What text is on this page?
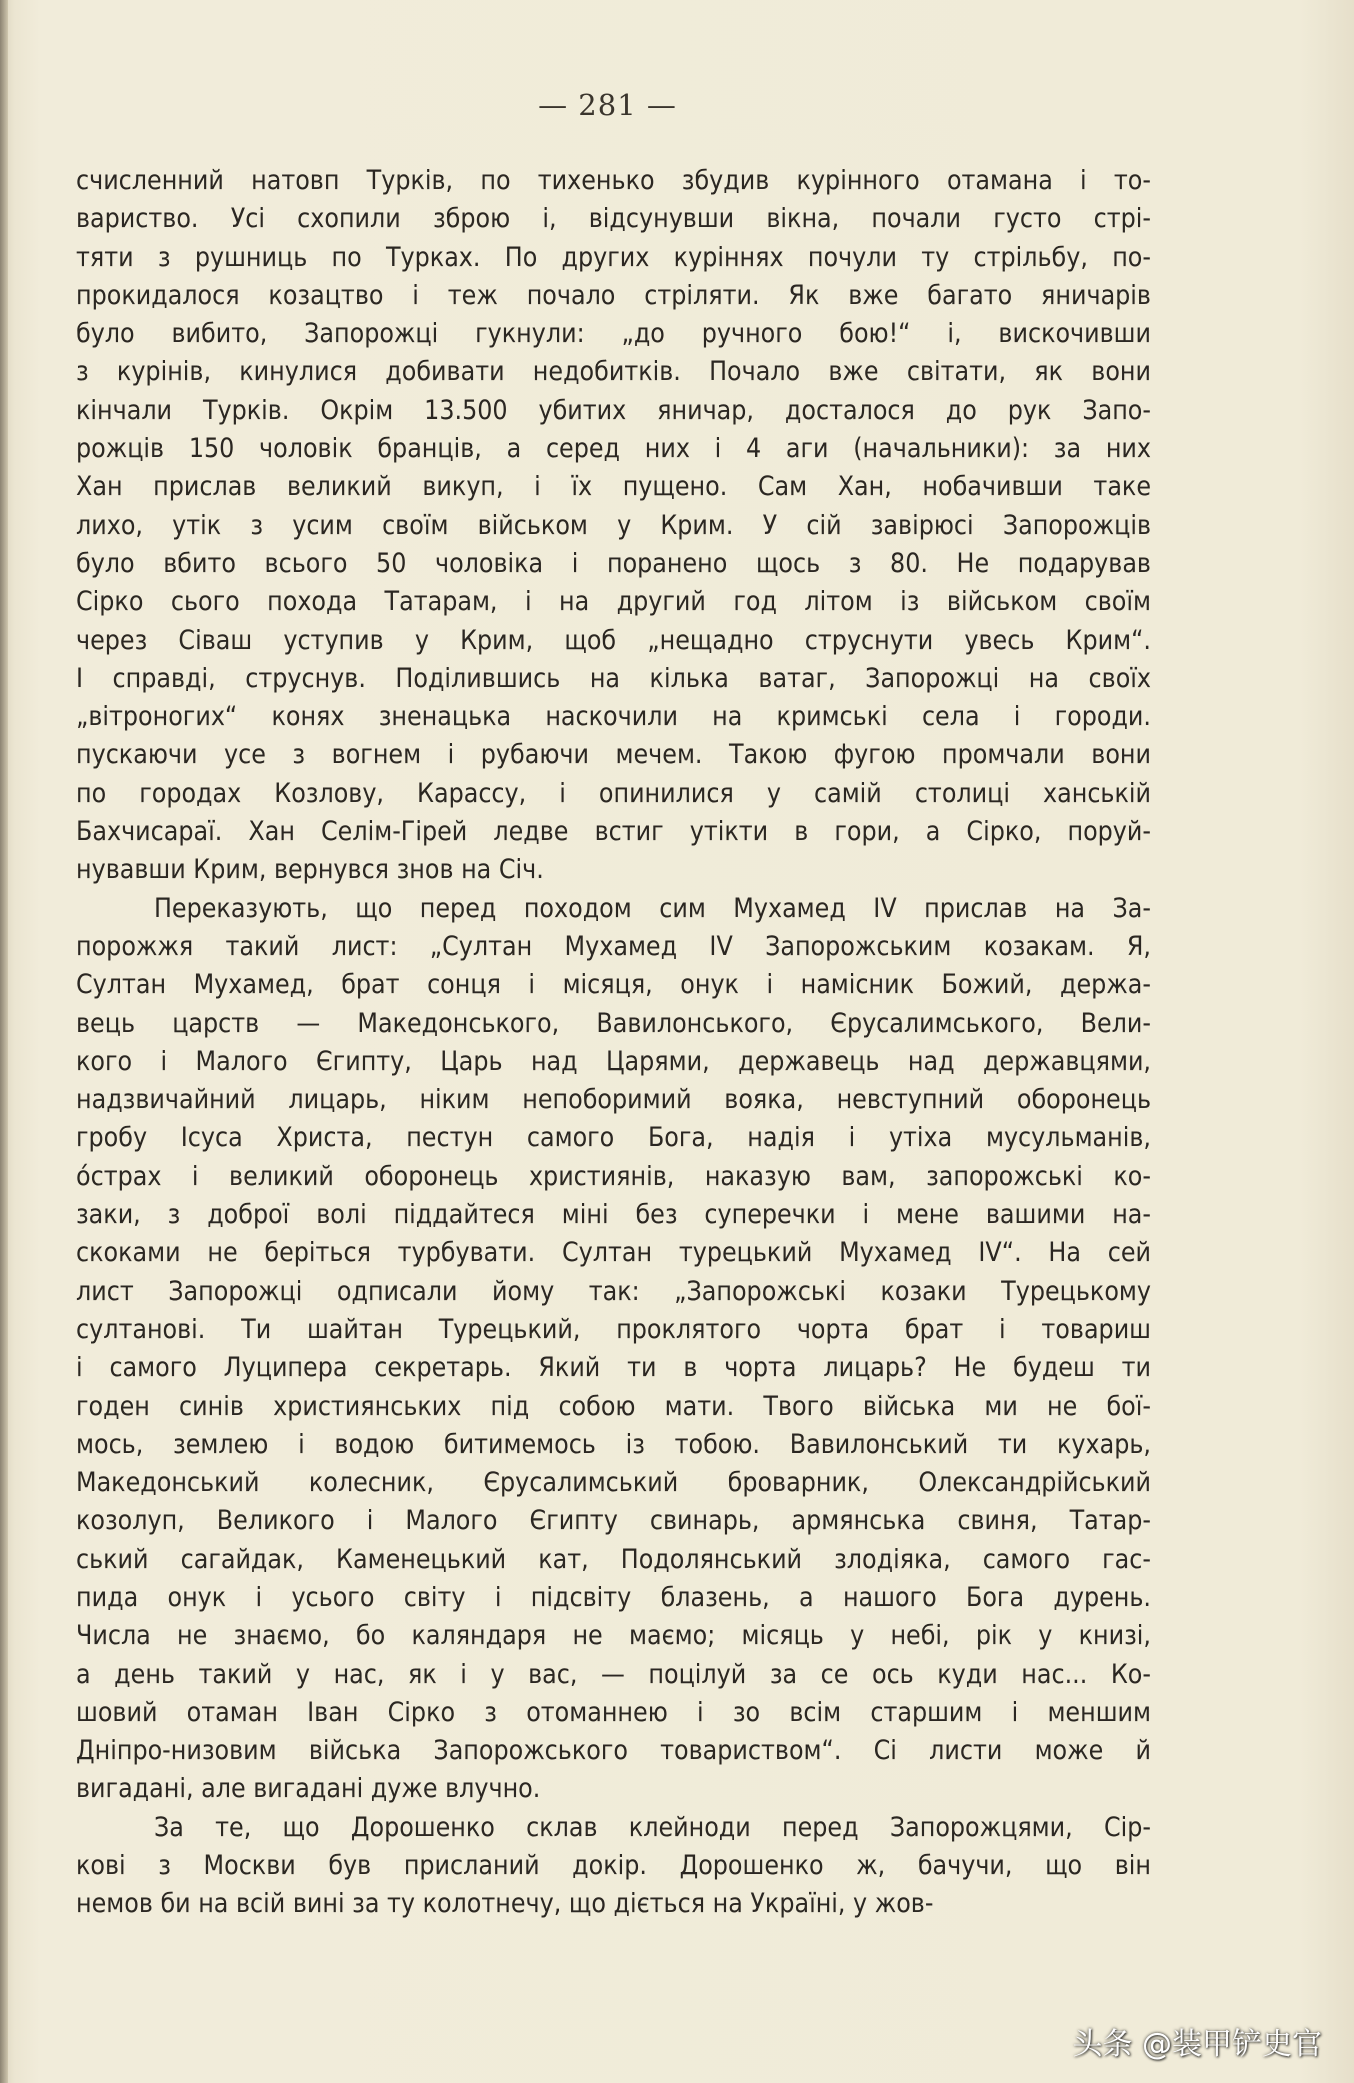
— 281 —

счисленний натовп Турків, по тихенько збудив курінного отамана і то-
вариство. Усі схопили зброю і, відсунувши вікна, почали густо стрі-
тяти з рушниць по Турках. По других куріннях почули ту стрільбу, по-
прокидалося козацтво і теж почало стріляти. Як вже багато яничарів
було вибито, Запорожці гукнули: „до ручного бою!“ і, вискочивши
з курінів, кинулися добивати недобитків. Почало вже світати, як вони
кінчали Турків. Окрім 13.500 убитих яничар, досталося до рук Запо-
рожців 150 чоловік бранців, а серед них і 4 аги (начальники): за них
Хан прислав великий викуп, і їх пущено. Сам Хан, нобачивши таке
лихо, утік з усим своїм військом у Крим. У сій завірюсі Запорожців
було вбито всього 50 чоловіка і поранено щось з 80. Не подарував
Сірко сього похода Татарам, і на другий год літом із військом своїм
через Сіваш уступив у Крим, щоб „нещадно струснути увесь Крим“.
І справді, струснув. Поділившись на кілька ватаг, Запорожці на своїх
„вітроногих“ конях зненацька наскочили на кримські села і городи.
пускаючи усе з вогнем і рубаючи мечем. Такою фугою промчали вони
по городах Козлову, Карассу, і опинилися у самій столиці ханській
Бахчисараї. Хан Селім-Гірей ледве встиг утікти в гори, а Сірко, поруй-
нувавши Крим, вернувся знов на Січ.

Переказують, що перед походом сим Мухамед IV прислав на За-
порожжя такий лист: „Султан Мухамед IV Запорожським козакам. Я,
Султан Мухамед, брат сонця і місяця, онук і намісник Божий, держа-
вець царств — Македонського, Вавилонського, Єрусалимського, Вели-
кого і Малого Єгипту, Царь над Царями, державець над державцями,
надзвичайний лицарь, ніким непоборимий вояка, невступний оборонець
гробу Ісуса Христа, пестун самого Бога, надія і утіха мусульманів,
óстрах і великий оборонець християнів, наказую вам, запорожські ко-
заки, з доброї волі піддайтеся міні без суперечки і мене вашими на-
скоками не беріться турбувати. Султан турецький Мухамед IV“. На сей
лист Запорожці одписали йому так: „Запорожські козаки Турецькому
султанові. Ти шайтан Турецький, проклятого чорта брат і товариш
і самого Луципера секретарь. Який ти в чорта лицарь? Не будеш ти
годен синів християнських під собою мати. Твого війська ми не бої-
мось, землею і водою битимемось із тобою. Вавилонський ти кухарь,
Македонський колесник, Єрусалимський броварник, Олександрійський
козолуп, Великого і Малого Єгипту свинарь, армянська свиня, Татар-
ський сагайдак, Каменецький кат, Подолянський злодіяка, самого гас-
пида онук і усього світу і підсвіту блазень, а нашого Бога дурень.
Числа не знаємо, бо каляндаря не маємо; місяць у небі, рік у книзі,
а день такий у нас, як і у вас, — поцілуй за се ось куди нас... Ко-
шовий отаман Іван Сірко з отоманнею і зо всім старшим і меншим
Дніпро-низовим війська Запорожського товариством“. Сі листи може й
вигадані, але вигадані дуже влучно.

За те, що Дорошенко склав клейноди перед Запорожцями, Сір-
кові з Москви був присланий докір. Дорошенко ж, бачучи, що він
немов би на всій вині за ту колотнечу, що діється на Україні, у жов-

头条 @装甲铲史官
